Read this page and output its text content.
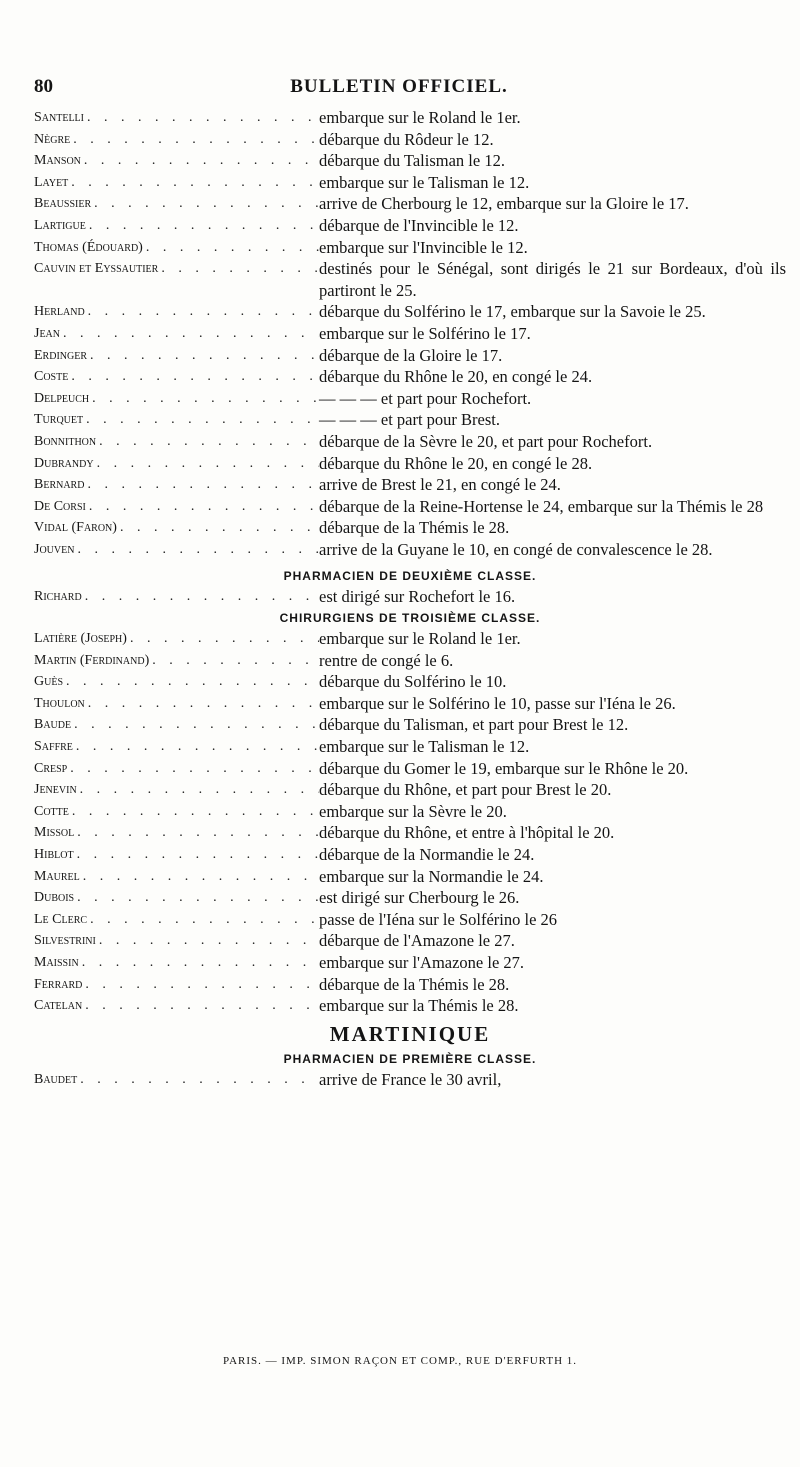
80	BULLETIN OFFICIEL.
Santelli . . .	embarque sur le Roland le 1er.
Nègre . . .	débarque du Rôdeur le 12.
Manson . . .	débarque du Talisman le 12.
Layet . . .	embarque sur le Talisman le 12.
Beaussier . . .	arrive de Cherbourg le 12, embarque sur la Gloire le 17.
Lartigue . . .	débarque de l'Invincible le 12.
Thomas (Édouard) . . .	embarque sur l'Invincible le 12.
Cauvin et Eyssautier . . .	destinés pour le Sénégal, sont dirigés le 21 sur Bordeaux, d'où ils partiront le 25.
Herland . . .	débarque du Solférino le 17, embarque sur la Savoie le 25.
Jean . . .	embarque sur le Solférino le 17.
Erdinger . . .	débarque de la Gloire le 17.
Coste . . .	débarque du Rhône le 20, en congé le 24.
Delpeuch . . .	— — — et part pour Rochefort.
Turquet . . .	— — — et part pour Brest.
Bonnithon . . .	débarque de la Sèvre le 20, et part pour Rochefort.
Dubrandy . . .	débarque du Rhône le 20, en congé le 28.
Bernard . . .	arrive de Brest le 21, en congé le 24.
De Corsi . . .	débarque de la Reine-Hortense le 24, embarque sur la Thémis le 28
Vidal (Faron) . . .	débarque de la Thémis le 28.
Jouven . . .	arrive de la Guyane le 10, en congé de convalescence le 28.
PHARMACIEN DE DEUXIÈME CLASSE.
Richard . . .	est dirigé sur Rochefort le 16.
CHIRURGIENS DE TROISIÈME CLASSE.
Latière (Joseph) . . .	embarque sur le Roland le 1er.
Martin (Ferdinand) . . .	rentre de congé le 6.
Guès . . .	débarque du Solférino le 10.
Thoulon . . .	embarque sur le Solférino le 10, passe sur l'Iéna le 26.
Baude . . .	débarque du Talisman, et part pour Brest le 12.
Saffre . . .	embarque sur le Talisman le 12.
Cresp . . .	débarque du Gomer le 19, embarque sur le Rhône le 20.
Jenevin . . .	débarque du Rhône, et part pour Brest le 20.
Cotte . . .	embarque sur la Sèvre le 20.
Missol . . .	débarque du Rhône, et entre à l'hôpital le 20.
Hiblot . . .	débarque de la Normandie le 24.
Maurel . . .	embarque sur la Normandie le 24.
Dubois . . .	est dirigé sur Cherbourg le 26.
Le Clerc . . .	passe de l'Iéna sur le Solférino le 26
Silvestrini . . .	débarque de l'Amazone le 27.
Maissin . . .	embarque sur l'Amazone le 27.
Ferrard . . .	débarque de la Thémis le 28.
Catelan . . .	embarque sur la Thémis le 28.
MARTINIQUE
PHARMACIEN DE PREMIÈRE CLASSE.
Baudet . . .	arrive de France le 30 avril,
PARIS. — IMP. SIMON RAÇON ET COMP., RUE D'ERFURTH 1.
